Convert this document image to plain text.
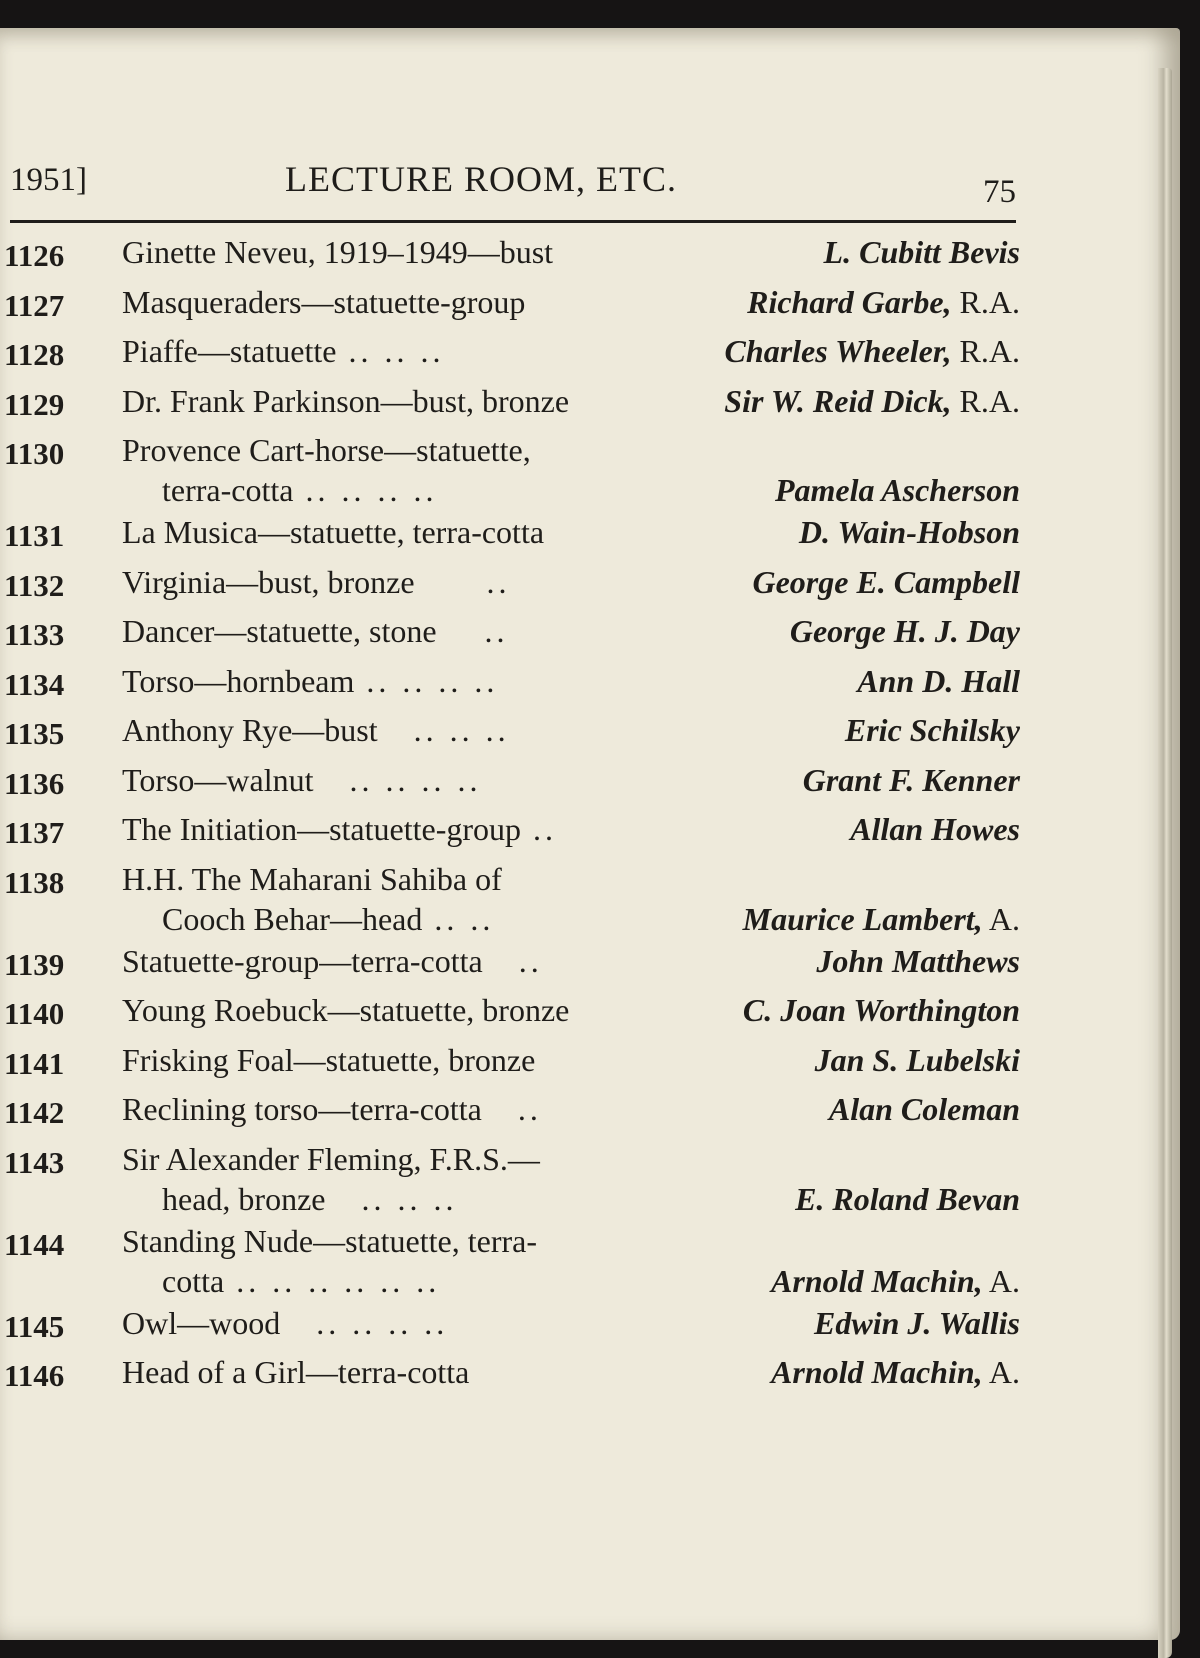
1951]	LECTURE ROOM, ETC.	75
1126	Ginette Neveu, 1919–1949—bust	L. Cubitt Bevis
1127	Masqueraders—statuette-group	Richard Garbe, R.A.
1128	Piaffe—statuette .. .. ..	Charles Wheeler, R.A.
1129	Dr. Frank Parkinson—bust, bronze	Sir W. Reid Dick, R.A.
1130	Provence Cart-horse—statuette,
terra-cotta .. .. .. ..	Pamela Ascherson
1131	La Musica—statuette, terra-cotta	D. Wain-Hobson
1132	Virginia—bust, bronze      ..	George E. Campbell
1133	Dancer—statuette, stone    ..	George H. J. Day
1134	Torso—hornbeam .. .. .. ..	Ann D. Hall
1135	Anthony Rye—bust   .. .. ..	Eric Schilsky
1136	Torso—walnut   .. .. .. ..	Grant F. Kenner
1137	The Initiation—statuette-group ..	Allan Howes
1138	H.H. The Maharani Sahiba of
Cooch Behar—head .. ..	Maurice Lambert, A.
1139	Statuette-group—terra-cotta   ..	John Matthews
1140	Young Roebuck—statuette, bronze	C. Joan Worthington
1141	Frisking Foal—statuette, bronze	Jan S. Lubelski
1142	Reclining torso—terra-cotta   ..	Alan Coleman
1143	Sir Alexander Fleming, F.R.S.—
head, bronze   .. .. ..	E. Roland Bevan
1144	Standing Nude—statuette, terra-
cotta .. .. .. .. .. ..	Arnold Machin, A.
1145	Owl—wood   .. .. .. ..	Edwin J. Wallis
1146	Head of a Girl—terra-cotta	Arnold Machin, A.
